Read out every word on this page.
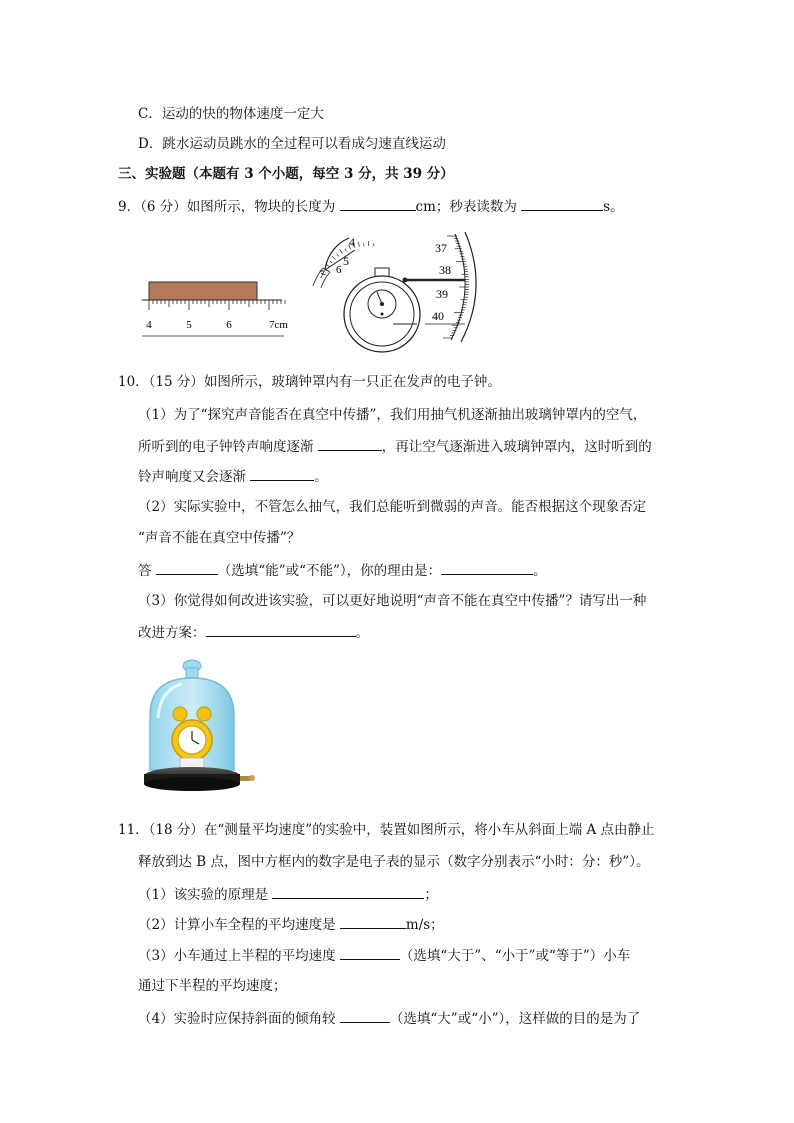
C．运动的快的物体速度一定大
D．跳水运动员跳水的全过程可以看成匀速直线运动
三、实验题（本题有 3 个小题，每空 3 分，共 39 分）
9．（6 分）如图所示，物块的长度为	cm；秒表读数为	s。
4	5	6	7cm
4
5
7 6
37
38
39
40
10．（15 分）如图所示，玻璃钟罩内有一只正在发声的电子钟。
（1）为了“探究声音能否在真空中传播”，我们用抽气机逐渐抽出玻璃钟罩内的空气，
所听到的电子钟铃声响度逐渐	，再让空气逐渐进入玻璃钟罩内，这时听到的
铃声响度又会逐渐	。
（2）实际实验中，不管怎么抽气，我们总能听到微弱的声音。能否根据这个现象否定
“声音不能在真空中传播”？
答	（选填“能”或“不能”），你的理由是：	。
（3）你觉得如何改进该实验，可以更好地说明“声音不能在真空中传播”？请写出一种
改进方案：	。
11．（18 分）在“测量平均速度”的实验中，装置如图所示，将小车从斜面上端 A 点由静止
释放到达 B 点，图中方框内的数字是电子表的显示（数字分别表示“小时：分：秒”）。
（1）该实验的原理是	；
（2）计算小车全程的平均速度是	m/s；
（3）小车通过上半程的平均速度	（选填“大于”、“小于”或“等于”）小车
通过下半程的平均速度；
（4）实验时应保持斜面的倾角较	（选填“大”或“小”），这样做的目的是为了
